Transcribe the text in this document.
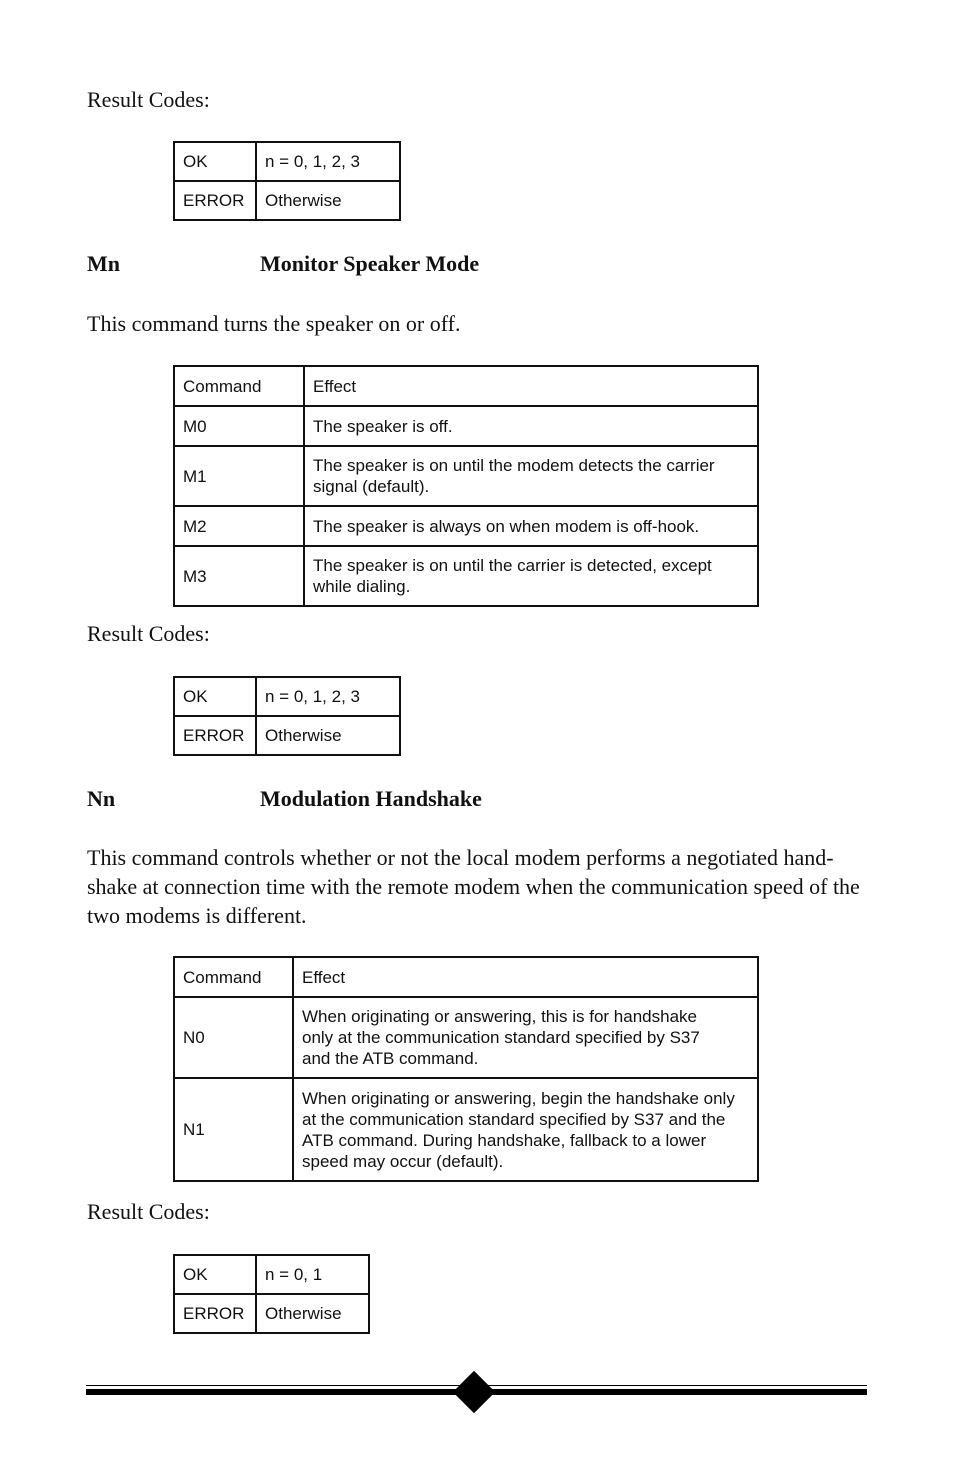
Result Codes:

OK	n = 0, 1, 2, 3
ERROR	Otherwise
Mn	Monitor Speaker Mode

This command turns the speaker on or off.

Command	Effect
M0	The speaker is off.
M1	The speaker is on until the modem detects the carrier signal (default).
M2	The speaker is always on when modem is off-hook.
M3	The speaker is on until the carrier is detected, except while dialing.

Result Codes:

OK	n = 0, 1, 2, 3
ERROR	Otherwise
Nn	Modulation Handshake

This command controls whether or not the local modem performs a negotiated hand-shake at connection time with the remote modem when the communication speed of the two modems is different.

Command	Effect
N0	When originating or answering, this is for handshake only at the communication standard specified by S37 and the ATB command.
N1	When originating or answering, begin the handshake only at the communication standard specified by S37 and the ATB command. During handshake, fallback to a lower speed may occur (default).

Result Codes:

OK	n = 0, 1
ERROR	Otherwise
